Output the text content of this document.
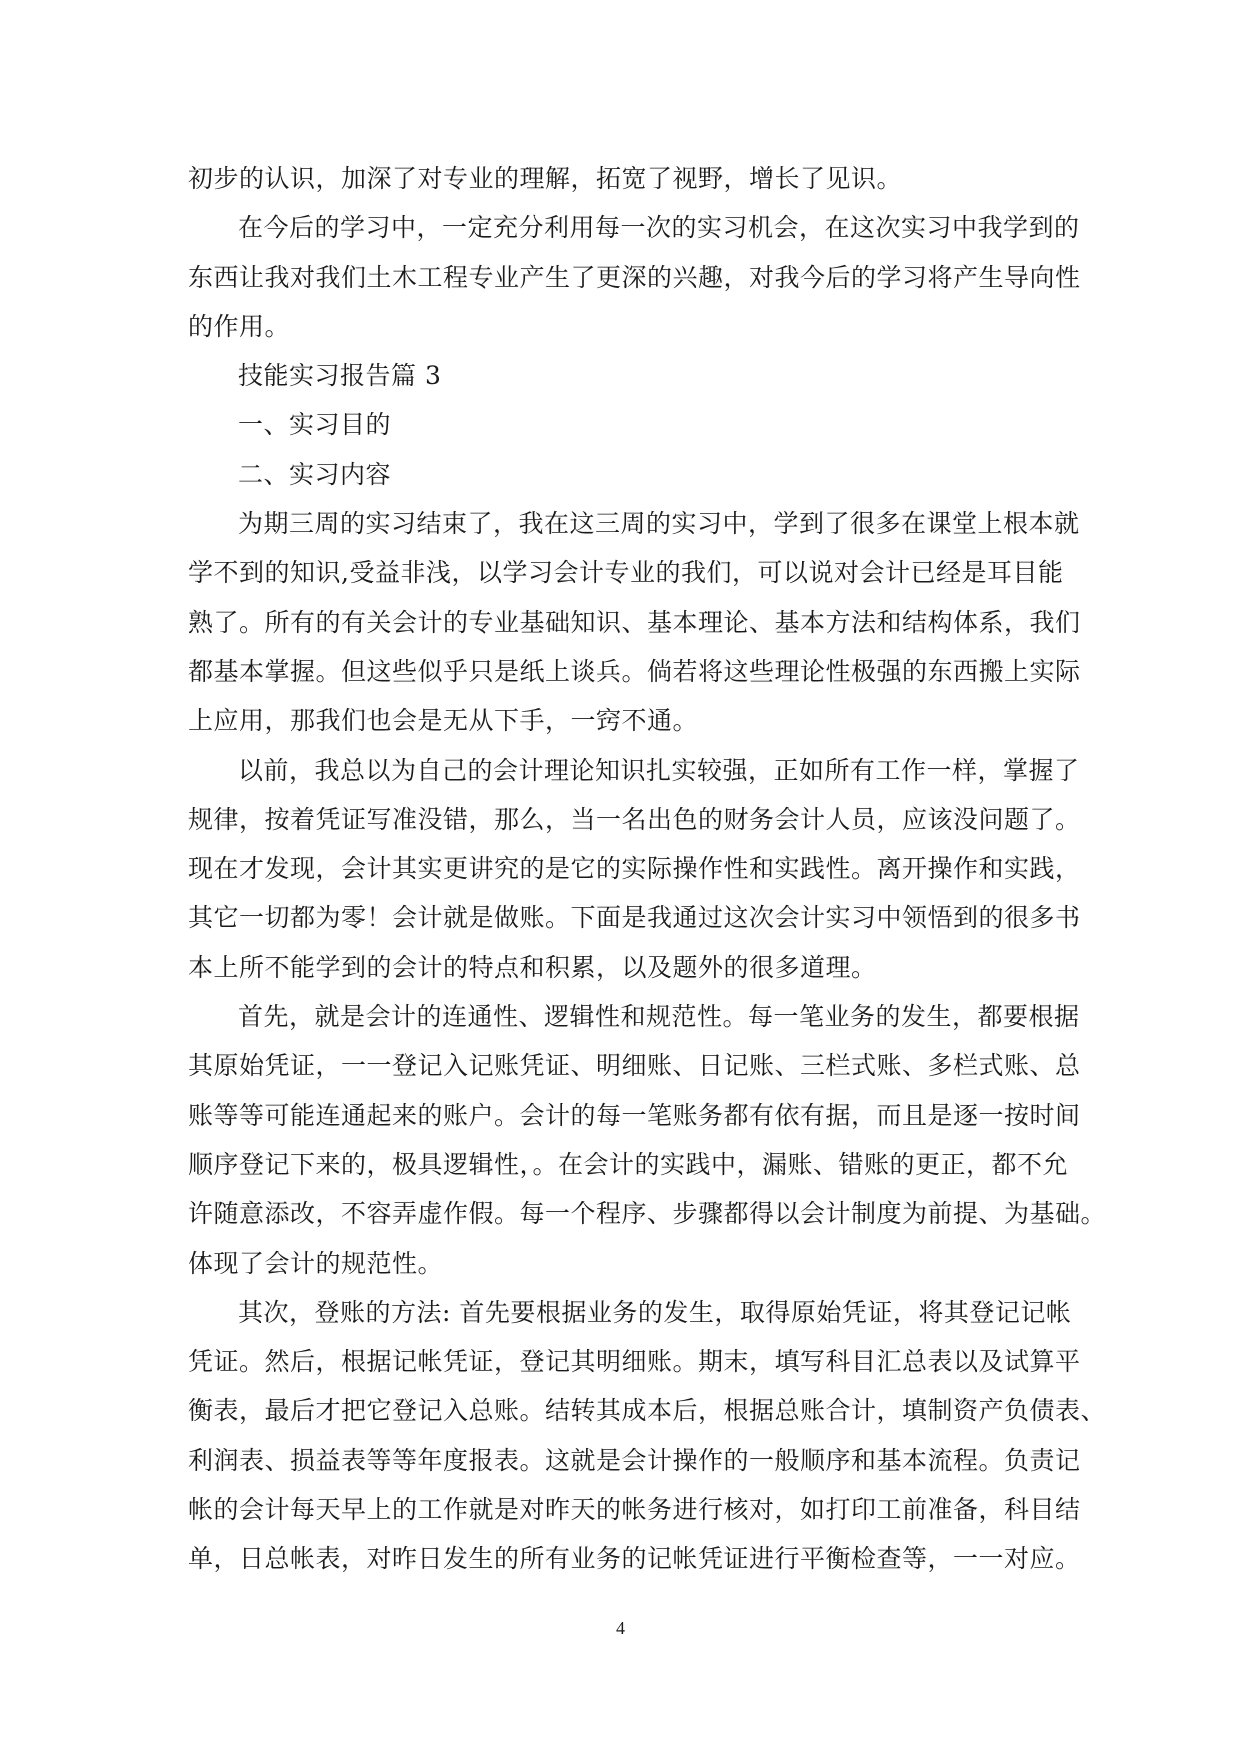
初步的认识，加深了对专业的理解，拓宽了视野，增长了见识。
在今后的学习中，一定充分利用每一次的实习机会，在这次实习中我学到的
东西让我对我们土木工程专业产生了更深的兴趣，对我今后的学习将产生导向性
的作用。
技能实习报告篇 3
一、实习目的
二、实习内容
为期三周的实习结束了，我在这三周的实习中，学到了很多在课堂上根本就
学不到的知识,受益非浅，以学习会计专业的我们，可以说对会计已经是耳目能
熟了。所有的有关会计的专业基础知识、基本理论、基本方法和结构体系，我们
都基本掌握。但这些似乎只是纸上谈兵。倘若将这些理论性极强的东西搬上实际
上应用，那我们也会是无从下手，一窍不通。
以前，我总以为自己的会计理论知识扎实较强，正如所有工作一样，掌握了
规律，按着凭证写准没错，那么，当一名出色的财务会计人员，应该没问题了。
现在才发现，会计其实更讲究的是它的实际操作性和实践性。离开操作和实践，
其它一切都为零！会计就是做账。下面是我通过这次会计实习中领悟到的很多书
本上所不能学到的会计的特点和积累，以及题外的很多道理。
首先，就是会计的连通性、逻辑性和规范性。每一笔业务的发生，都要根据
其原始凭证，一一登记入记账凭证、明细账、日记账、三栏式账、多栏式账、总
账等等可能连通起来的账户。会计的每一笔账务都有依有据，而且是逐一按时间
顺序登记下来的，极具逻辑性，。在会计的实践中，漏账、错账的更正，都不允
许随意添改，不容弄虚作假。每一个程序、步骤都得以会计制度为前提、为基础。
体现了会计的规范性。
其次，登账的方法: 首先要根据业务的发生，取得原始凭证，将其登记记帐
凭证。然后，根据记帐凭证，登记其明细账。期末，填写科目汇总表以及试算平
衡表，最后才把它登记入总账。结转其成本后，根据总账合计，填制资产负债表、
利润表、损益表等等年度报表。这就是会计操作的一般顺序和基本流程。负责记
帐的会计每天早上的工作就是对昨天的帐务进行核对，如打印工前准备，科目结
单，日总帐表，对昨日发生的所有业务的记帐凭证进行平衡检查等，一一对应。
4
